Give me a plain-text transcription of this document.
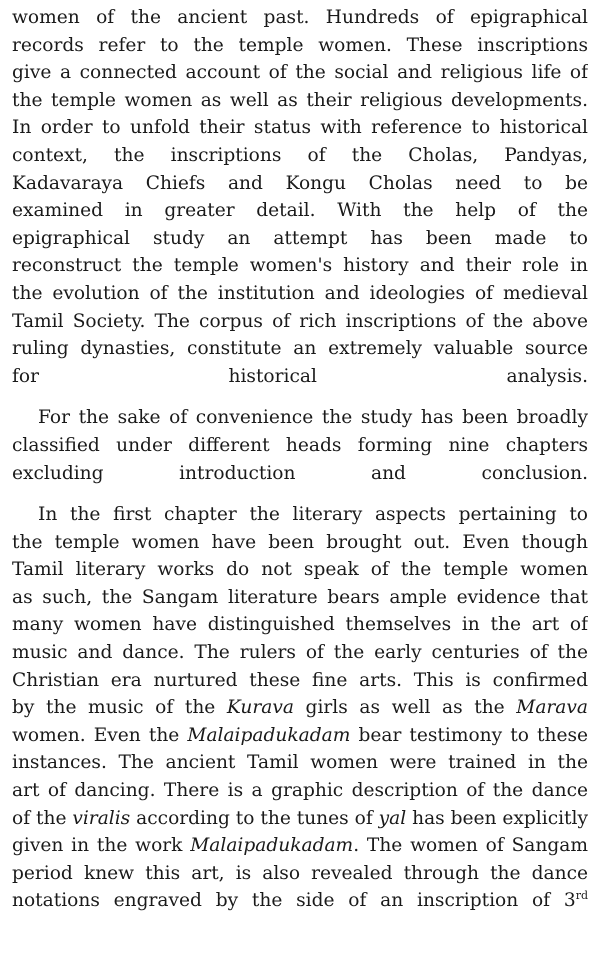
women of the ancient past. Hundreds of epigraphical
records refer to the temple women. These inscriptions
give a connected account of the social and religious life of
the temple women as well as their religious developments.
In order to unfold their status with reference to historical
context, the inscriptions of the Cholas, Pandyas,
Kadavaraya Chiefs and Kongu Cholas need to be
examined in greater detail. With the help of the
epigraphical study an attempt has been made to
reconstruct the temple women's history and their role in
the evolution of the institution and ideologies of medieval
Tamil Society. The corpus of rich inscriptions of the above
ruling dynasties, constitute an extremely valuable source
for historical analysis.
For the sake of convenience the study has been broadly
classified under different heads forming nine chapters
excluding introduction and conclusion.
In the first chapter the literary aspects pertaining to
the temple women have been brought out. Even though
Tamil literary works do not speak of the temple women
as such, the Sangam literature bears ample evidence that
many women have distinguished themselves in the art of
music and dance. The rulers of the early centuries of the
Christian era nurtured these fine arts. This is confirmed
by the music of the Kurava girls as well as the Marava
women. Even the Malaipadukadam bear testimony to these
instances. The ancient Tamil women were trained in the
art of dancing. There is a graphic description of the dance
of the viralis according to the tunes of yal has been explicitly
given in the work Malaipadukadam. The women of Sangam
period knew this art, is also revealed through the dance
notations engraved by the side of an inscription of 3rd
